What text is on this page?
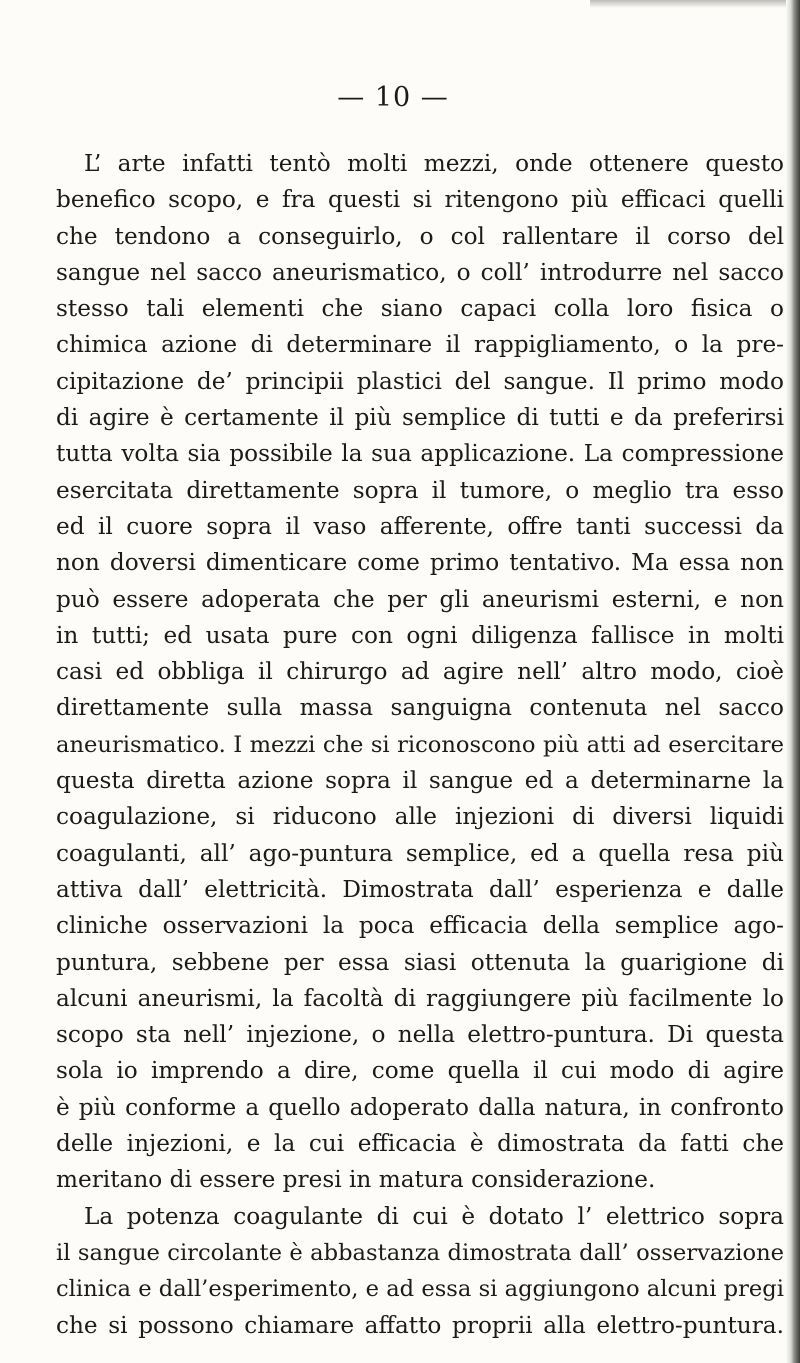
— 10 —
L’ arte infatti tentò molti mezzi, onde ottenere questo
benefico scopo, e fra questi si ritengono più efficaci quelli
che tendono a conseguirlo, o col rallentare il corso del
sangue nel sacco aneurismatico, o coll’ introdurre nel sacco
stesso tali elementi che siano capaci colla loro fisica o
chimica azione di determinare il rappigliamento, o la pre-
cipitazione de’ principii plastici del sangue. Il primo modo
di agire è certamente il più semplice di tutti e da preferirsi
tutta volta sia possibile la sua applicazione. La compressione
esercitata direttamente sopra il tumore, o meglio tra esso
ed il cuore sopra il vaso afferente, offre tanti successi da
non doversi dimenticare come primo tentativo. Ma essa non
può essere adoperata che per gli aneurismi esterni, e non
in tutti; ed usata pure con ogni diligenza fallisce in molti
casi ed obbliga il chirurgo ad agire nell’ altro modo, cioè
direttamente sulla massa sanguigna contenuta nel sacco
aneurismatico. I mezzi che si riconoscono più atti ad esercitare
questa diretta azione sopra il sangue ed a determinarne la
coagulazione, si riducono alle injezioni di diversi liquidi
coagulanti, all’ ago-puntura semplice, ed a quella resa più
attiva dall’ elettricità. Dimostrata dall’ esperienza e dalle
cliniche osservazioni la poca efficacia della semplice ago-
puntura, sebbene per essa siasi ottenuta la guarigione di
alcuni aneurismi, la facoltà di raggiungere più facilmente lo
scopo sta nell’ injezione, o nella elettro-puntura. Di questa
sola io imprendo a dire, come quella il cui modo di agire
è più conforme a quello adoperato dalla natura, in confronto
delle injezioni, e la cui efficacia è dimostrata da fatti che
meritano di essere presi in matura considerazione.
La potenza coagulante di cui è dotato l’ elettrico sopra
il sangue circolante è abbastanza dimostrata dall’ osservazione
clinica e dall’esperimento, e ad essa si aggiungono alcuni pregi
che si possono chiamare affatto proprii alla elettro-puntura.
